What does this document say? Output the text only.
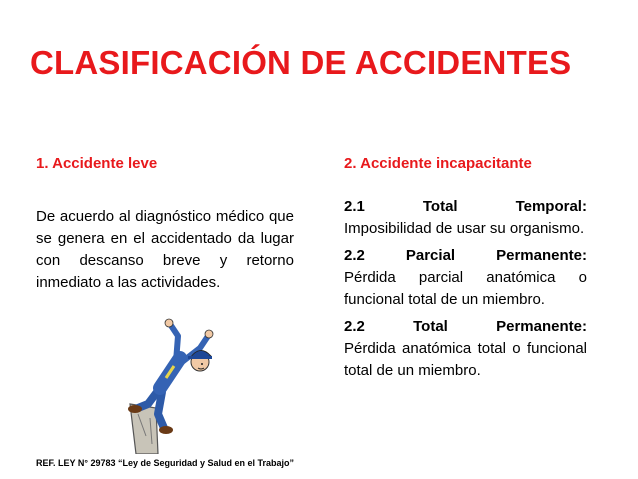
CLASIFICACIÓN DE ACCIDENTES
1. Accidente leve
De acuerdo al diagnóstico médico que se genera en el accidentado da lugar con descanso breve y retorno inmediato a las actividades.
2. Accidente incapacitante
2.1	Total	Temporal:
Imposibilidad de usar su organismo.
2.2	Parcial	Permanente:
Pérdida parcial anatómica o funcional total de un miembro.
2.2	Total	Permanente:
Pérdida anatómica total o funcional total de un miembro.
REF. LEY N° 29783 “Ley de Seguridad y Salud en el Trabajo”
